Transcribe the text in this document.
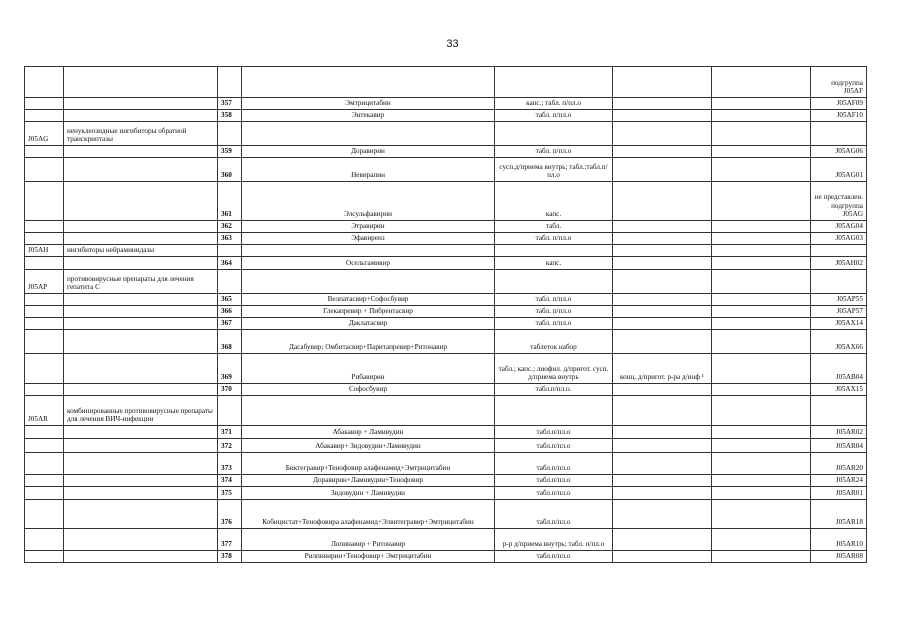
33
							подгруппа J05AF
		357	Эмтрицитабин	капс.; табл. п/пл.о			J05AF09
		358	Энтекавир	табл. п/пл.о			J05AF10
J05AG	ненуклеозидные ингибиторы обратной транскриптазы						
		359	Доравирин	табл. п/пл.о			J05AG06
		360	Невирапин	сусп.д/приема внутрь; табл.;табл.п/пл.о			J05AG01
		361	Элсульфавирин	капс.			не представлен. подгруппа J05AG
		362	Этравирин	табл.			J05AG04
		363	Эфавиренз	табл. п/пл.о			J05AG03
J05AH	ингибиторы нейраминидазы						
		364	Осельтамивир	капс.			J05AH02
J05AP	противовирусные препараты для лечения гепатита С						
		365	Велпатасвир+Софосбувир	табл. п/пл.о			J05AP55
		366	Глекапревир + Пибрентасвир	табл. п/пл.о			J05AP57
		367	Даклатасвир	табл. п/пл.о			J05AX14
		368	Дасабувир; Омбитасвир+Паритапревир+Ритонавир	таблеток набор			J05AX66
		369	Рибавирин	табл.; капс.; лиофил. д/пригот. сусп. д/приема внутрь	конц. д/пригот. р-ра д/инф ¹		J05AB04
		370	Софосбувир	табл.п/пл.о.			J05AX15
J05AR	комбинированные противовирусные препараты для лечения ВИЧ-инфекции						
		371	Абакавир + Ламивудин	табл.п/пл.о			J05AR02
		372	Абакавир+ Зидовудин+Ламивудин	табл.п/пл.о			J05AR04
		373	Биктегравир+Тенофовир алафенамид+Эмтрицитабин	табл.п/пл.о			J05AR20
		374	Доравирин+Ламивудин+Тенофовир	табл.п/пл.о			J05AR24
		375	Зидовудин + Ламивудин	табл.п/пл.о			J05AR01
		376	Кобицистат+Тенофовира алафенамид+Элвитегравир+Эмтрицитабин	табл.п/пл.о			J05AR18
		377	Лопинавир + Ритонавир	р-р д/приема внутрь; табл. п/пл.о			J05AR10
		378	Рилпивирин+Тенофовир+ Эмтрицитабин	табл.п/пл.о			J05AR08
